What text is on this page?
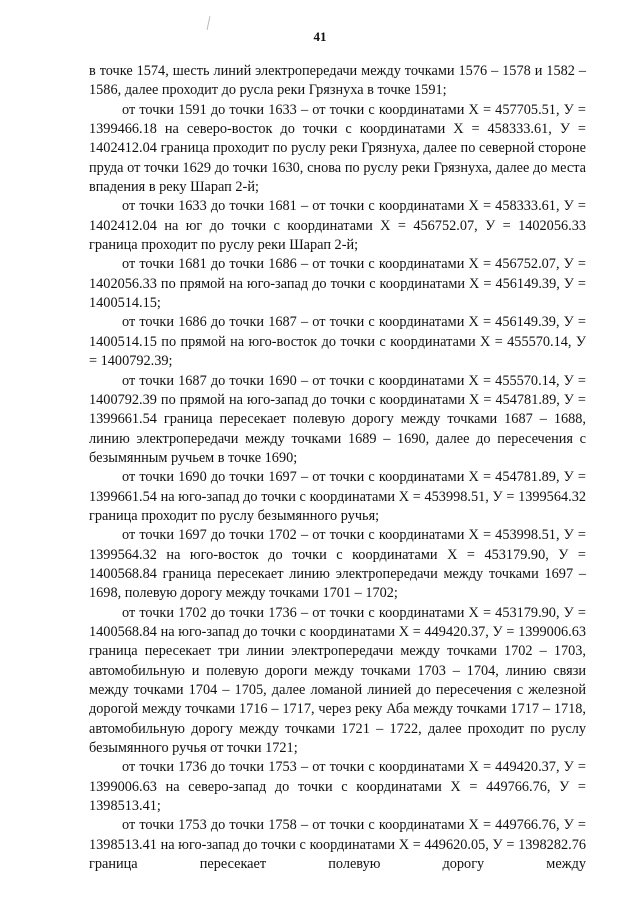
41

в точке 1574, шесть линий электропередачи между точками 1576 – 1578 и 1582 – 1586, далее проходит до русла реки Грязнуха в точке 1591;

от точки 1591 до точки 1633 – от точки с координатами X = 457705.51, У = 1399466.18 на северо-восток до точки с координатами X = 458333.61, У = 1402412.04 граница проходит по руслу реки Грязнуха, далее по северной стороне пруда от точки 1629 до точки 1630, снова по руслу реки Грязнуха, далее до места впадения в реку Шарап 2-й;

от точки 1633 до точки 1681 – от точки с координатами X = 458333.61, У = 1402412.04 на юг до точки с координатами X = 456752.07, У = 1402056.33 граница проходит по руслу реки Шарап 2-й;

от точки 1681 до точки 1686 – от точки с координатами X = 456752.07, У = 1402056.33 по прямой на юго-запад до точки с координатами X = 456149.39, У = 1400514.15;

от точки 1686 до точки 1687 – от точки с координатами X = 456149.39, У = 1400514.15 по прямой на юго-восток до точки с координатами X = 455570.14, У = 1400792.39;

от точки 1687 до точки 1690 – от точки с координатами X = 455570.14, У = 1400792.39 по прямой на юго-запад до точки с координатами X = 454781.89, У = 1399661.54 граница пересекает полевую дорогу между точками 1687 – 1688, линию электропередачи между точками 1689 – 1690, далее до пересечения с безымянным ручьем в точке 1690;

от точки 1690 до точки 1697 – от точки с координатами X = 454781.89, У = 1399661.54 на юго-запад до точки с координатами X = 453998.51, У = 1399564.32 граница проходит по руслу безымянного ручья;

от точки 1697 до точки 1702 – от точки с координатами X = 453998.51, У = 1399564.32 на юго-восток до точки с координатами X = 453179.90, У = 1400568.84 граница пересекает линию электропередачи между точками 1697 – 1698, полевую дорогу между точками 1701 – 1702;

от точки 1702 до точки 1736 – от точки с координатами X = 453179.90, У = 1400568.84 на юго-запад до точки с координатами X = 449420.37, У = 1399006.63 граница пересекает три линии электропередачи между точками 1702 – 1703, автомобильную и полевую дороги между точками 1703 – 1704, линию связи между точками 1704 – 1705, далее ломаной линией до пересечения с железной дорогой между точками 1716 – 1717, через реку Аба между точками 1717 – 1718, автомобильную дорогу между точками 1721 – 1722, далее проходит по руслу безымянного ручья от точки 1721;

от точки 1736 до точки 1753 – от точки с координатами X = 449420.37, У = 1399006.63 на северо-запад до точки с координатами X = 449766.76, У = 1398513.41;

от точки 1753 до точки 1758 – от точки с координатами X = 449766.76, У = 1398513.41 на юго-запад до точки с координатами X = 449620.05, У = 1398282.76 граница пересекает полевую дорогу между
